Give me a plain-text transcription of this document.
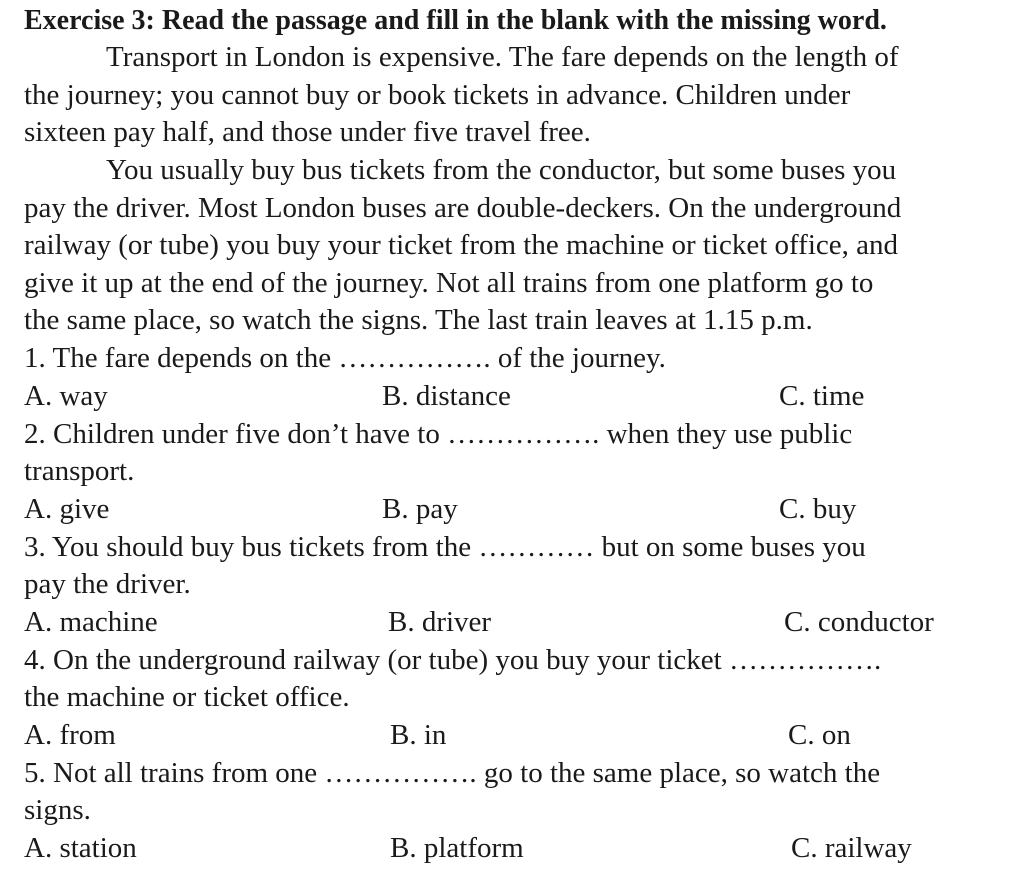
Exercise 3: Read the passage and fill in the blank with the missing word.
Transport in London is expensive. The fare depends on the length of
the journey; you cannot buy or book tickets in advance. Children under
sixteen pay half, and those under five travel free.
You usually buy bus tickets from the conductor, but some buses you
pay the driver. Most London buses are double-deckers. On the underground
railway (or tube) you buy your ticket from the machine or ticket office, and
give it up at the end of the journey. Not all trains from one platform go to
the same place, so watch the signs. The last train leaves at 1.15 p.m.
1. The fare depends on the ……………. of the journey.
A. way	B. distance	C. time
2. Children under five don’t have to ……………. when they use public
transport.
A. give	B. pay	C. buy
3. You should buy bus tickets from the ………… but on some buses you
pay the driver.
A. machine	B. driver	C. conductor
4. On the underground railway (or tube) you buy your ticket …………….
the machine or ticket office.
A. from	B. in	C. on
5. Not all trains from one ……………. go to the same place, so watch the
signs.
A. station	B. platform	C. railway
